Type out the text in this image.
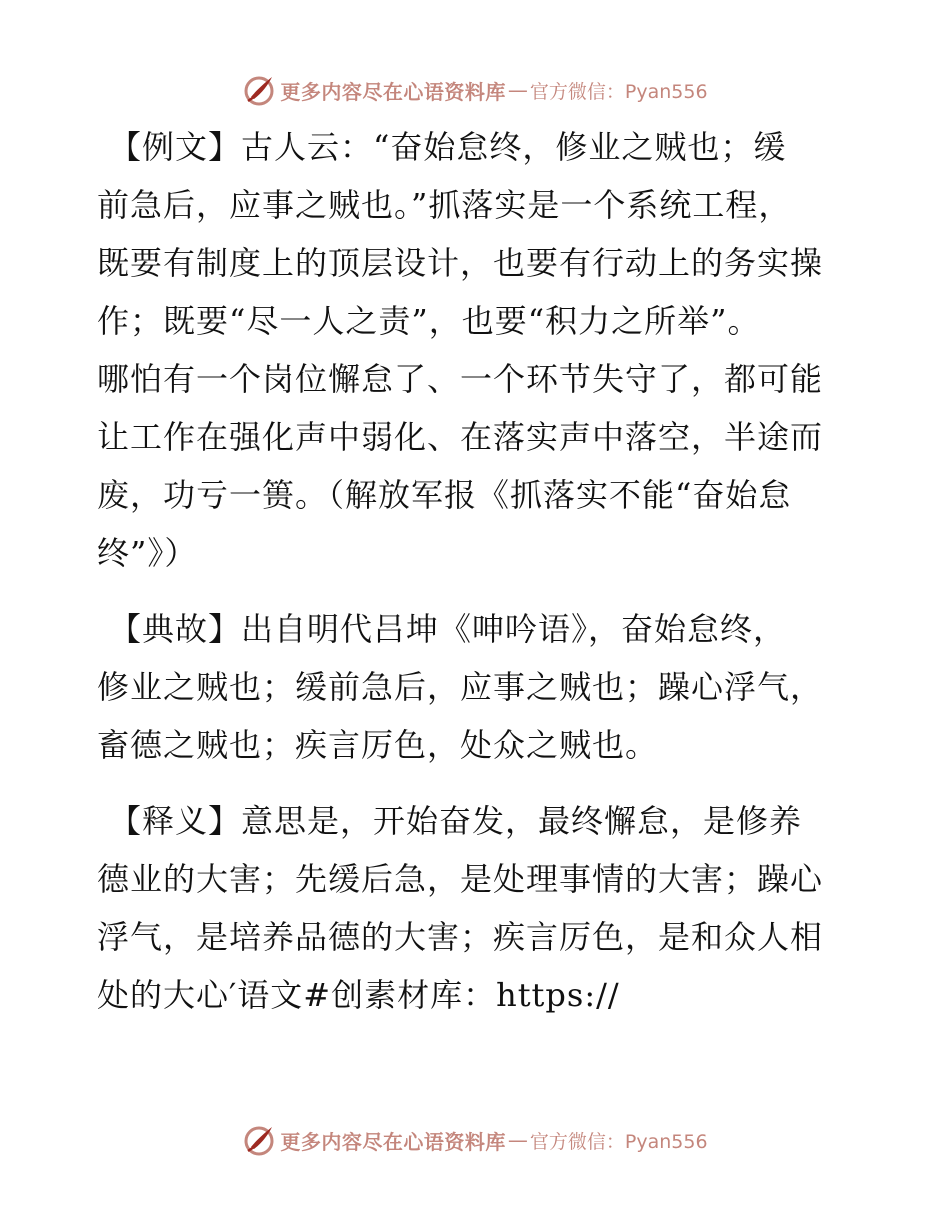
更多内容尽在心语资料库 — 官方微信：Pyan556

【例文】古人云：“奋始怠终，修业之贼也；缓
前急后，应事之贼也。”抓落实是一个系统工程，
既要有制度上的顶层设计，也要有行动上的务实操
作；既要“尽一人之责”，也要“积力之所举”。
哪怕有一个岗位懈怠了、一个环节失守了，都可能
让工作在强化声中弱化、在落实声中落空，半途而
废，功亏一篑。（解放军报《抓落实不能“奋始怠
终”》）

【典故】出自明代吕坤《呻吟语》，奋始怠终，
修业之贼也；缓前急后，应事之贼也；躁心浮气，
畜德之贼也；疾言厉色，处众之贼也。

【释义】意思是，开始奋发，最终懈怠，是修养
德业的大害；先缓后急，是处理事情的大害；躁心
浮气，是培养品德的大害；疾言厉色，是和众人相
处的大心′语文#创素材库：https://

更多内容尽在心语资料库 — 官方微信：Pyan556
